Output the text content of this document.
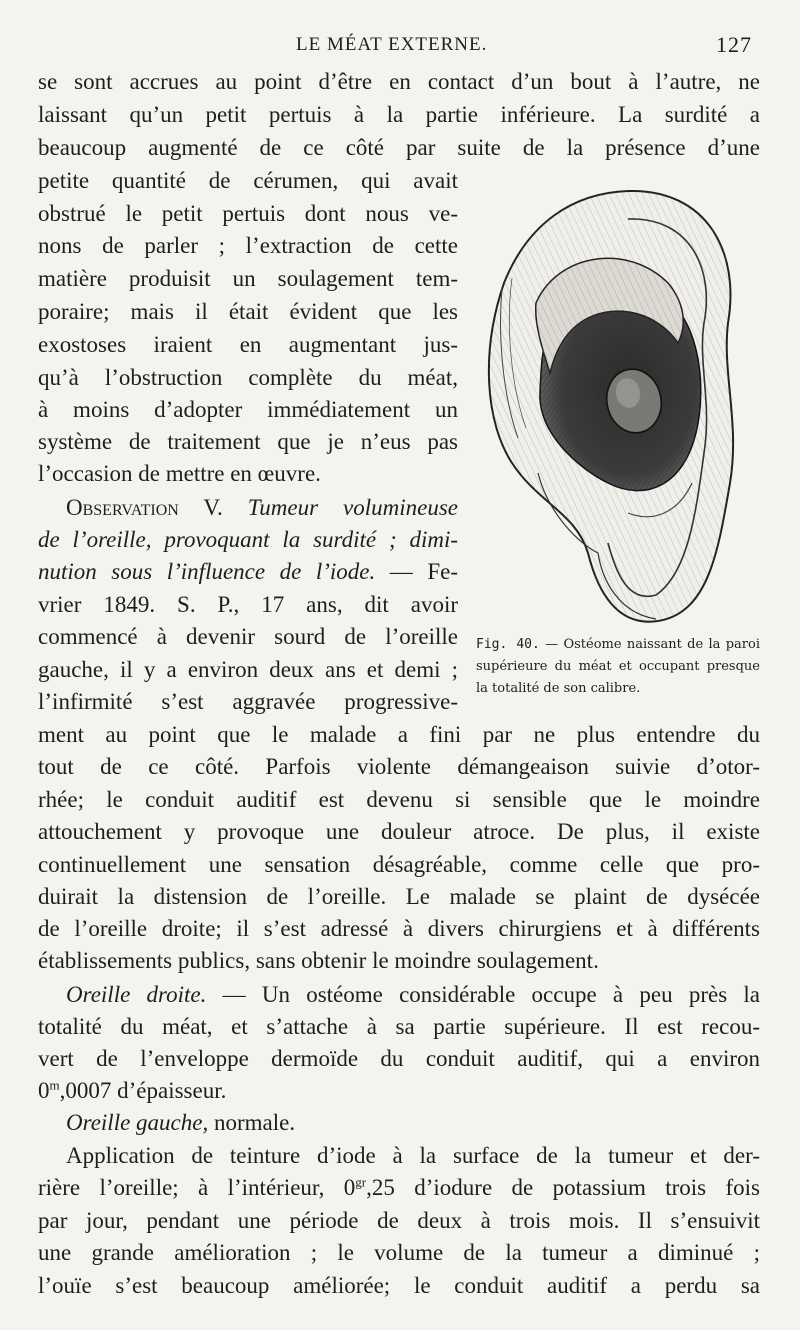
LE MÉAT EXTERNE.	127
se sont accrues au point d’être en contact d’un bout à l’autre, ne
laissant qu’un petit pertuis à la partie inférieure. La surdité a
beaucoup augmenté de ce côté par suite de la présence d’une
petite quantité de cérumen, qui avait
obstrué le petit pertuis dont nous ve-
nons de parler ; l’extraction de cette
matière produisit un soulagement tem-
poraire; mais il était évident que les
exostoses iraient en augmentant jus-
qu’à l’obstruction complète du méat,
à moins d’adopter immédiatement un
système de traitement que je n’eus pas
l’occasion de mettre en œuvre.
Observation V. Tumeur volumineuse
de l’oreille, provoquant la surdité ; dimi-
nution sous l’influence de l’iode. — Fe-
vrier 1849. S. P., 17 ans, dit avoir
commencé à devenir sourd de l’oreille
gauche, il y a environ deux ans et demi ;
l’infirmité s’est aggravée progressive-
ment au point que le malade a fini par ne plus entendre du
tout de ce côté. Parfois violente démangeaison suivie d’otor-
rhée; le conduit auditif est devenu si sensible que le moindre
attouchement y provoque une douleur atroce. De plus, il existe
continuellement une sensation désagréable, comme celle que pro-
duirait la distension de l’oreille. Le malade se plaint de dysécée
de l’oreille droite; il s’est adressé à divers chirurgiens et à différents
établissements publics, sans obtenir le moindre soulagement.
Oreille droite. — Un ostéome considérable occupe à peu près la
totalité du méat, et s’attache à sa partie supérieure. Il est recou-
vert de l’enveloppe dermoïde du conduit auditif, qui a environ
0$^m$,0007 d’épaisseur.
Oreille gauche, normale.
Application de teinture d’iode à la surface de la tumeur et der-
rière l’oreille; à l’intérieur, $0^{gr},25$ d’iodure de potassium trois fois
par jour, pendant une période de deux à trois mois. Il s’ensuivit
une grande amélioration ; le volume de la tumeur a diminué ;
l’ouïe s’est beaucoup améliorée; le conduit auditif a perdu sa
Fig. 40. — Ostéome naissant de la paroi supérieure du méat et occupant presque la totalité de son calibre.
